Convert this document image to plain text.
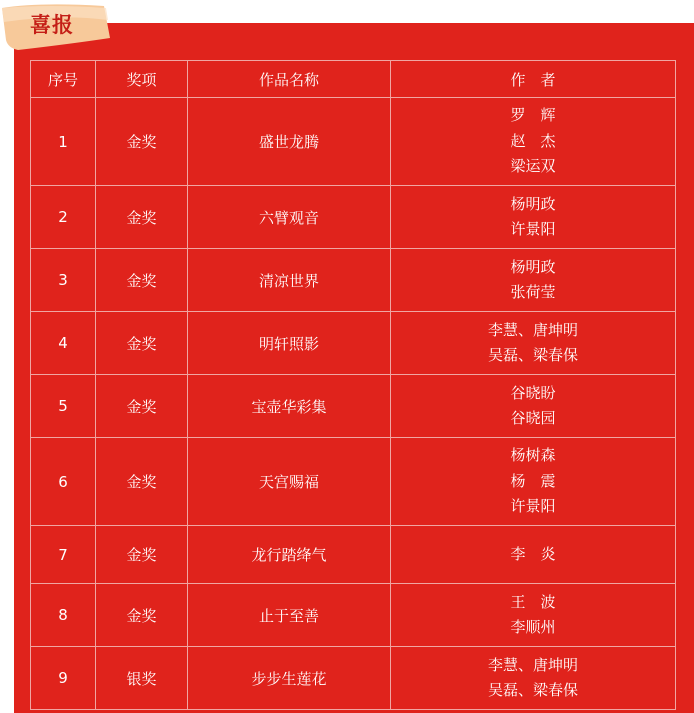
喜报
序号	奖项	作品名称	作　者
1	金奖	盛世龙腾	罗　辉
赵　杰
梁运双

2	金奖	六臂观音	杨明政
许景阳

3	金奖	清凉世界	杨明政
张荷莹

4	金奖	明轩照影	李慧、唐坤明
吴磊、梁春保

5	金奖	宝壶华彩集	谷晓盼
谷晓园

6	金奖	天宫赐福	杨树森
杨　震
许景阳

7	金奖	龙行踏绛气	李　炎

8	金奖	止于至善	王　波
李顺州

9	银奖	步步生莲花	李慧、唐坤明
吴磊、梁春保
